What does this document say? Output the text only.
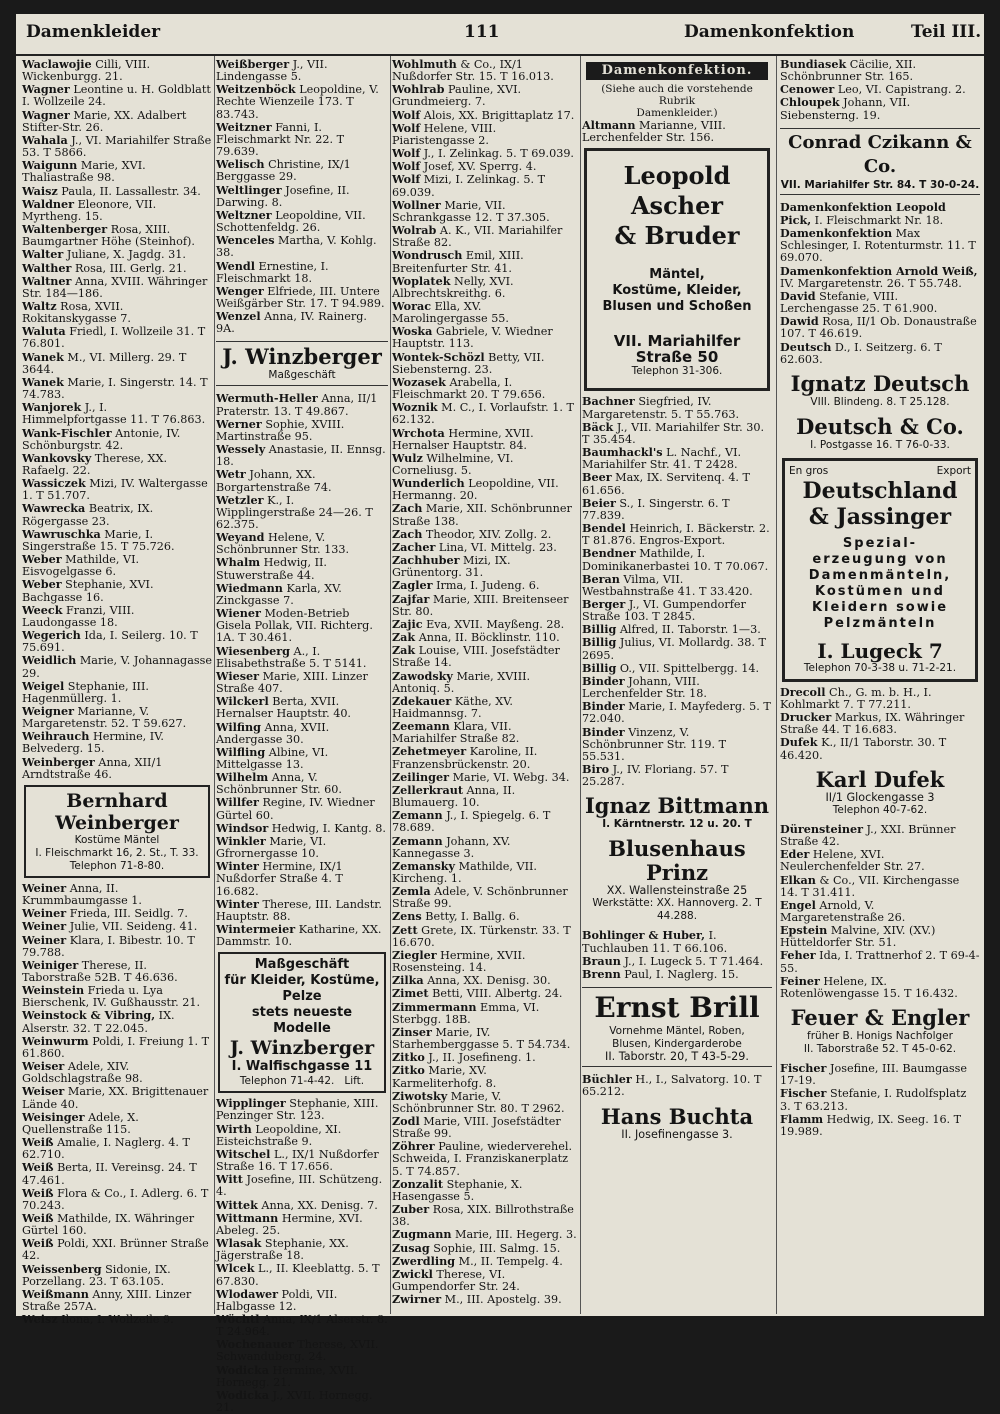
Damenkleider	111	Damenkonfektion	Teil III.
Waclawojie Cilli, VIII. Wickenburgg. 21.
Wagner Leontine u. H. Goldblatt I. Wollzeile 24.
Wagner Marie, XX. Adalbert Stifter-Str. 26.
Wahala J., VI. Mariahilfer Straße 53. T 5866.
Waigunn Marie, XVI. Thaliastraße 98.
Waisz Paula, II. Lassallestr. 34.
Waldner Eleonore, VII. Myrtheng. 15.
Waltenberger Rosa, XIII. Baumgartner Höhe (Steinhof).
Walter Juliane, X. Jagdg. 31.
Walther Rosa, III. Gerlg. 21.
Waltner Anna, XVIII. Währinger Str. 184—186.
Waltz Rosa, XVII. Rokitanskygasse 7.
Waluta Friedl, I. Wollzeile 31. T 76.801.
Wanek M., VI. Millerg. 29. T 3644.
Wanek Marie, I. Singerstr. 14. T 74.783.
Wanjorek J., I. Himmelpfortgasse 11. T 76.863.
Wank-Fischler Antonie, IV. Schönburgstr. 42.
Wankovsky Therese, XX. Rafaelg. 22.
Wassiczek Mizi, IV. Waltergasse 1. T 51.707.
Wawrecka Beatrix, IX. Rögergasse 23.
Wawruschka Marie, I. Singerstraße 15. T 75.726.
Weber Mathilde, VI. Eisvogelgasse 6.
Weber Stephanie, XVI. Bachgasse 16.
Weeck Franzi, VIII. Laudongasse 18.
Wegerich Ida, I. Seilerg. 10. T 75.691.
Weidlich Marie, V. Johannagasse 29.
Weigel Stephanie, III. Hagenmüllerg. 1.
Weigner Marianne, V. Margaretenstr. 52. T 59.627.
Weihrauch Hermine, IV. Belvederg. 15.
Weinberger Anna, XII/1 Arndtstraße 46.
Bernhard Weinberger
Kostüme Mäntel
I. Fleischmarkt 16, 2. St., T. 33.
Telephon 71-8-80.
Weiner Anna, II. Krummbaumgasse 1.
Weiner Frieda, III. Seidlg. 7.
Weiner Julie, VII. Seideng. 41.
Weiner Klara, I. Bibestr. 10. T 79.788.
Weiniger Therese, II. Taborstraße 52B. T 46.636.
Weinstein Frieda u. Lya Bierschenk, IV. Gußhausstr. 21.
Weinstock & Vibring, IX. Alserstr. 32. T 22.045.
Weinwurm Poldi, I. Freiung 1. T 61.860.
Weiser Adele, XIV. Goldschlagstraße 98.
Weiser Marie, XX. Brigittenauer Lände 40.
Weisinger Adele, X. Quellenstraße 115.
Weiß Amalie, I. Naglerg. 4. T 62.710.
Weiß Berta, II. Vereinsg. 24. T 47.461.
Weiß Flora & Co., I. Adlerg. 6. T 70.243.
Weiß Mathilde, IX. Währinger Gürtel 160.
Weiß Poldi, XXI. Brünner Straße 42.
Weissenberg Sidonie, IX. Porzellang. 23. T 63.105.
Weißmann Anny, XIII. Linzer Straße 257A.
Weisz Ilona, I. Wollzeile 9.
Weißberger J., VII. Lindengasse 5.
Weitzenböck Leopoldine, V. Rechte Wienzeile 173. T 83.743.
Weitzner Fanni, I. Fleischmarkt Nr. 22. T 79.639.
Welisch Christine, IX/1 Berggasse 29.
Weltlinger Josefine, II. Darwing. 8.
Weltzner Leopoldine, VII. Schottenfeldg. 26.
Wenceles Martha, V. Kohlg. 38.
Wendl Ernestine, I. Fleischmarkt 18.
Wenger Elfriede, III. Untere Weißgärber Str. 17. T 94.989.
Wenzel Anna, IV. Rainerg. 9A.
J. Winzberger
Maßgeschäft
Wermuth-Heller Anna, II/1 Praterstr. 13. T 49.867.
Werner Sophie, XVIII. Martinstraße 95.
Wessely Anastasie, II. Ennsg. 18.
Wetr Johann, XX. Borgartenstraße 74.
Wetzler K., I. Wipplingerstraße 24—26. T 62.375.
Weyand Helene, V. Schönbrunner Str. 133.
Whalm Hedwig, II. Stuwerstraße 44.
Wiedmann Karla, XV. Zinckgasse 7.
Wiener Moden-Betrieb Gisela Pollak, VII. Richterg. 1A. T 30.461.
Wiesenberg A., I. Elisabethstraße 5. T 5141.
Wieser Marie, XIII. Linzer Straße 407.
Wilckerl Berta, XVII. Hernalser Hauptstr. 40.
Wilfing Anna, XVII. Andergasse 30.
Wilfling Albine, VI. Mittelgasse 13.
Wilhelm Anna, V. Schönbrunner Str. 60.
Willfer Regine, IV. Wiedner Gürtel 60.
Windsor Hedwig, I. Kantg. 8.
Winkler Marie, VI. Gfrornergasse 10.
Winter Hermine, IX/1 Nußdorfer Straße 4. T 16.682.
Winter Therese, III. Landstr. Hauptstr. 88.
Wintermeier Katharine, XX. Dammstr. 10.
Maßgeschäft
für Kleider, Kostüme, Pelze
stets neueste Modelle
J. Winzberger
I. Walfischgasse 11
Telephon 71-4-42. Lift.
Wipplinger Stephanie, XIII. Penzinger Str. 123.
Wirth Leopoldine, XI. Eisteichstraße 9.
Witschel L., IX/1 Nußdorfer Straße 16. T 17.656.
Witt Josefine, III. Schützeng. 4.
Wittek Anna, XX. Denisg. 7.
Wittmann Hermine, XVI. Abeleg. 25.
Wlasak Stephanie, XX. Jägerstraße 18.
Wlcek L., II. Kleeblattg. 5. T 67.830.
Wlodawer Poldi, VII. Halbgasse 12.
Wöchtl Anna, IX/1 Alserstr. 8. T 24.964.
Wochenauer Therese, XVII. Schwanduberg. 24.
Wodicka Hermine, XVII. Hornegg. 21.
Wodicka J., XVII. Hornegg. 21.
Wohlmuth & Co., IX/1 Nußdorfer Str. 15. T 16.013.
Wohlrab Pauline, XVI. Grundmeierg. 7.
Wolf Alois, XX. Brigittaplatz 17.
Wolf Helene, VIII. Piaristengasse 2.
Wolf J., I. Zelinkag. 5. T 69.039.
Wolf Josef, XV. Sperrg. 4.
Wolf Mizi, I. Zelinkag. 5. T 69.039.
Wollner Marie, VII. Schrankgasse 12. T 37.305.
Wolrab A. K., VII. Mariahilfer Straße 82.
Wondrusch Emil, XIII. Breitenfurter Str. 41.
Woplatek Nelly, XVI. Albrechtskreithg. 6.
Worac Ella, XV. Marolingergasse 55.
Woska Gabriele, V. Wiedner Hauptstr. 113.
Wontek-Schözl Betty, VII. Siebensterng. 23.
Wozasek Arabella, I. Fleischmarkt 20. T 79.656.
Woznik M. C., I. Vorlaufstr. 1. T 62.132.
Wrchota Hermine, XVII. Hernalser Hauptstr. 84.
Wulz Wilhelmine, VI. Corneliusg. 5.
Wunderlich Leopoldine, VII. Hermanng. 20.
Zach Marie, XII. Schönbrunner Straße 138.
Zach Theodor, XIV. Zollg. 2.
Zacher Lina, VI. Mittelg. 23.
Zachhuber Mizi, IX. Grünentorg. 31.
Zagler Irma, I. Judeng. 6.
Zajfar Marie, XIII. Breitenseer Str. 80.
Zajic Eva, XVII. Mayßeng. 28.
Zak Anna, II. Böcklinstr. 110.
Zak Louise, VIII. Josefstädter Straße 14.
Zawodsky Marie, XVIII. Antoniq. 5.
Zdekauer Käthe, XV. Haidmannsg. 7.
Zeemann Klara, VII. Mariahilfer Straße 82.
Zehetmeyer Karoline, II. Franzensbrückenstr. 20.
Zeilinger Marie, VI. Webg. 34.
Zellerkraut Anna, II. Blumauerg. 10.
Zemann J., I. Spiegelg. 6. T 78.689.
Zemann Johann, XV. Kannegasse 3.
Zemansky Mathilde, VII. Kircheng. 1.
Zemla Adele, V. Schönbrunner Straße 99.
Zens Betty, I. Ballg. 6.
Zett Grete, IX. Türkenstr. 33. T 16.670.
Ziegler Hermine, XVII. Rosensteing. 14.
Zilka Anna, XX. Denisg. 30.
Zimet Betti, VIII. Albertg. 24.
Zimmermann Emma, VI. Sterbgg. 18B.
Zinser Marie, IV. Starhemberggasse 5. T 54.734.
Zitko J., II. Josefineng. 1.
Zitko Marie, XV. Karmeliterhofg. 8.
Ziwotsky Marie, V. Schönbrunner Str. 80. T 2962.
Zodl Marie, VIII. Josefstädter Straße 99.
Zöhrer Pauline, wiederverehel. Schweida, I. Franziskanerplatz 5. T 74.857.
Zonzalit Stephanie, X. Hasengasse 5.
Zuber Rosa, XIX. Billrothstraße 38.
Zugmann Marie, III. Hegerg. 3.
Zusag Sophie, III. Salmg. 15.
Zwerdling M., II. Tempelg. 4.
Zwickl Therese, VI. Gumpendorfer Str. 24.
Zwirner M., III. Apostelg. 39.
Damenkonfektion.
(Siehe auch die vorstehende Rubrik
Damenkleider.)
Altmann Marianne, VIII. Lerchenfelder Str. 156.
Leopold Ascher
& Bruder
Mäntel,
Kostüme, Kleider,
Blusen und Schoßen
VII. Mariahilfer Straße 50
Telephon 31-306.
Bachner Siegfried, IV. Margaretenstr. 5. T 55.763.
Bäck J., VII. Mariahilfer Str. 30. T 35.454.
Baumhackl's L. Nachf., VI. Mariahilfer Str. 41. T 2428.
Beer Max, IX. Servitenq. 4. T 61.656.
Beier S., I. Singerstr. 6. T 77.839.
Bendel Heinrich, I. Bäckerstr. 2. T 81.876. Engros-Export.
Bendner Mathilde, I. Dominikanerbastei 10. T 70.067.
Beran Vilma, VII. Westbahnstraße 41. T 33.420.
Berger J., VI. Gumpendorfer Straße 103. T 2845.
Billig Alfred, II. Taborstr. 1—3.
Billig Julius, VI. Mollardg. 38. T 2695.
Billig O., VII. Spittelbergg. 14.
Binder Johann, VIII. Lerchenfelder Str. 18.
Binder Marie, I. Mayfederg. 5. T 72.040.
Binder Vinzenz, V. Schönbrunner Str. 119. T 55.531.
Biro J., IV. Floriang. 57. T 25.287.
Ignaz Bittmann
I. Kärntnerstr. 12 u. 20. T
Blusenhaus Prinz
XX. Wallensteinstraße 25
Werkstätte: XX. Hannoverg. 2. T 44.288.
Bohlinger & Huber, I. Tuchlauben 11. T 66.106.
Braun J., I. Lugeck 5. T 71.464.
Brenn Paul, I. Naglerg. 15.
Ernst Brill
Vornehme Mäntel, Roben,
Blusen, Kindergarderobe
II. Taborstr. 20, T 43-5-29.
Büchler H., I., Salvatorg. 10. T 65.212.
Hans Buchta
II. Josefinengasse 3.
Bundiasek Cäcilie, XII. Schönbrunner Str. 165.
Cenower Leo, VI. Capistrang. 2.
Chloupek Johann, VII. Siebensterng. 19.
Conrad Czikann & Co.
VII. Mariahilfer Str. 84. T 30-0-24.
Damenkonfektion Leopold Pick, I. Fleischmarkt Nr. 18.
Damenkonfektion Max Schlesinger, I. Rotenturmstr. 11. T 69.070.
Damenkonfektion Arnold Weiß, IV. Margaretenstr. 26. T 55.748.
David Stefanie, VIII. Lerchengasse 25. T 61.900.
Dawid Rosa, II/1 Ob. Donaustraße 107. T 46.619.
Deutsch D., I. Seitzerg. 6. T 62.603.
Ignatz Deutsch
VIII. Blindeng. 8. T 25.128.
Deutsch & Co.
I. Postgasse 16. T 76-0-33.
En gros	Export
Deutschland
& Jassinger
Spezial-
erzeugung von
Damenmänteln,
Kostümen und
Kleidern sowie
Pelzmänteln
I. Lugeck 7
Telephon 70-3-38 u. 71-2-21.
Drecoll Ch., G. m. b. H., I. Kohlmarkt 7. T 77.211.
Drucker Markus, IX. Währinger Straße 44. T 16.683.
Dufek K., II/1 Taborstr. 30. T 46.420.
Karl Dufek
II/1 Glockengasse 3
Telephon 40-7-62.
Dürensteiner J., XXI. Brünner Straße 42.
Eder Helene, XVI. Neulerchenfelder Str. 27.
Elkan & Co., VII. Kirchengasse 14. T 31.411.
Engel Arnold, V. Margaretenstraße 26.
Epstein Malvine, XIV. (XV.) Hütteldorfer Str. 51.
Feher Ida, I. Trattnerhof 2. T 69-4-55.
Feiner Helene, IX. Rotenlöwengasse 15. T 16.432.
Feuer & Engler
früher B. Honigs Nachfolger
II. Taborstraße 52. T 45-0-62.
Fischer Josefine, III. Baumgasse 17-19.
Fischer Stefanie, I. Rudolfsplatz 3. T 63.213.
Flamm Hedwig, IX. Seeg. 16. T 19.989.
